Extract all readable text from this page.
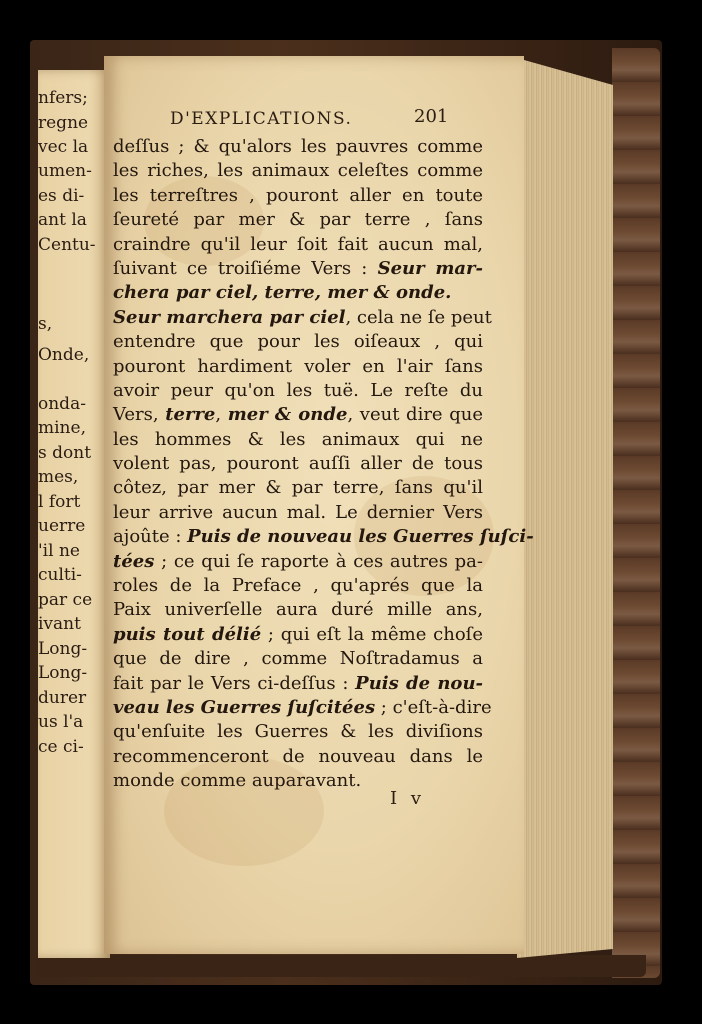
nfers;
regne
vec la
umen-
es di-
ant la
Centu-
s,
Onde,
onda-
mine,
s dont
mes,
l fort
uerre
'il ne
culti-
par ce
ivant
Long-
Long-
durer
us l'a
ce ci-
D'EXPLICATIONS.	201
deſſus ; & qu'alors les pauvres comme
les riches, les animaux celeſtes comme
les terreſtres , pouront aller en toute
ſeureté par mer & par terre , ſans
craindre qu'il leur ſoit fait aucun mal,
ſuivant ce troiſiéme Vers : Seur mar-
chera par ciel, terre, mer & onde.
Seur marchera par ciel, cela ne ſe peut
entendre que pour les oiſeaux , qui
pouront hardiment voler en l'air ſans
avoir peur qu'on les tuë. Le reſte du
Vers, terre, mer & onde, veut dire que
les hommes & les animaux qui ne
volent pas, pouront auſſi aller de tous
côtez, par mer & par terre, ſans qu'il
leur arrive aucun mal. Le dernier Vers
ajoûte : Puis de nouveau les Guerres ſuſci-
tées ; ce qui ſe raporte à ces autres pa-
roles de la Preface , qu'aprés que la
Paix univerſelle aura duré mille ans,
puis tout délié ; qui eſt la même choſe
que de dire , comme Noſtradamus a
fait par le Vers ci-deſſus : Puis de nou-
veau les Guerres ſuſcitées ; c'eſt-à-dire
qu'enſuite les Guerres & les diviſions
recommenceront de nouveau dans le
monde comme auparavant.
I v
